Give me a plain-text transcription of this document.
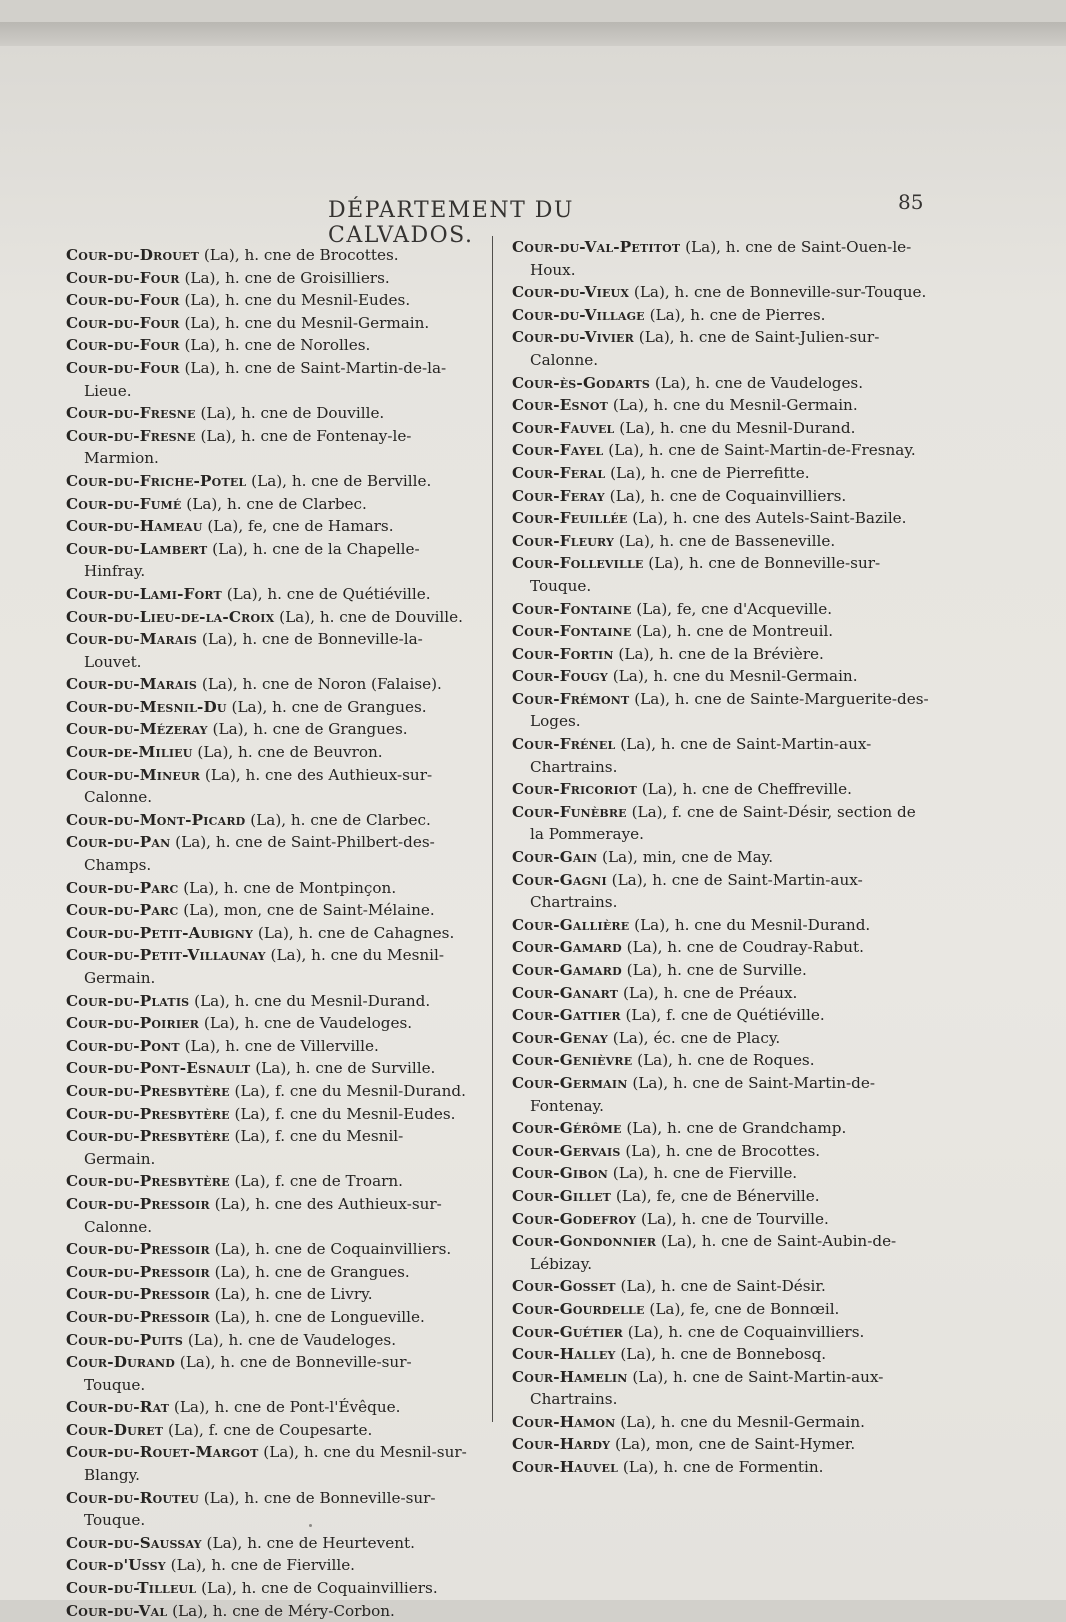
DÉPARTEMENT DU CALVADOS.
85
Cour-du-Drouet (La), h. cne de Brocottes.
Cour-du-Four (La), h. cne de Groisilliers.
Cour-du-Four (La), h. cne du Mesnil-Eudes.
Cour-du-Four (La), h. cne du Mesnil-Germain.
Cour-du-Four (La), h. cne de Norolles.
Cour-du-Four (La), h. cne de Saint-Martin-de-la-Lieue.
Cour-du-Fresne (La), h. cne de Douville.
Cour-du-Fresne (La), h. cne de Fontenay-le-Marmion.
Cour-du-Friche-Potel (La), h. cne de Berville.
Cour-du-Fumé (La), h. cne de Clarbec.
Cour-du-Hameau (La), fe, cne de Hamars.
Cour-du-Lambert (La), h. cne de la Chapelle-Hinfray.
Cour-du-Lami-Fort (La), h. cne de Quétiéville.
Cour-du-Lieu-de-la-Croix (La), h. cne de Douville.
Cour-du-Marais (La), h. cne de Bonneville-la-Louvet.
Cour-du-Marais (La), h. cne de Noron (Falaise).
Cour-du-Mesnil-Du (La), h. cne de Grangues.
Cour-du-Mézeray (La), h. cne de Grangues.
Cour-de-Milieu (La), h. cne de Beuvron.
Cour-du-Mineur (La), h. cne des Authieux-sur-Calonne.
Cour-du-Mont-Picard (La), h. cne de Clarbec.
Cour-du-Pan (La), h. cne de Saint-Philbert-des-Champs.
Cour-du-Parc (La), h. cne de Montpinçon.
Cour-du-Parc (La), mon, cne de Saint-Mélaine.
Cour-du-Petit-Aubigny (La), h. cne de Cahagnes.
Cour-du-Petit-Villaunay (La), h. cne du Mesnil-Germain.
Cour-du-Platis (La), h. cne du Mesnil-Durand.
Cour-du-Poirier (La), h. cne de Vaudeloges.
Cour-du-Pont (La), h. cne de Villerville.
Cour-du-Pont-Esnault (La), h. cne de Surville.
Cour-du-Presbytère (La), f. cne du Mesnil-Durand.
Cour-du-Presbytère (La), f. cne du Mesnil-Eudes.
Cour-du-Presbytère (La), f. cne du Mesnil-Germain.
Cour-du-Presbytère (La), f. cne de Troarn.
Cour-du-Pressoir (La), h. cne des Authieux-sur-Calonne.
Cour-du-Pressoir (La), h. cne de Coquainvilliers.
Cour-du-Pressoir (La), h. cne de Grangues.
Cour-du-Pressoir (La), h. cne de Livry.
Cour-du-Pressoir (La), h. cne de Longueville.
Cour-du-Puits (La), h. cne de Vaudeloges.
Cour-Durand (La), h. cne de Bonneville-sur-Touque.
Cour-du-Rat (La), h. cne de Pont-l'Évêque.
Cour-Duret (La), f. cne de Coupesarte.
Cour-du-Rouet-Margot (La), h. cne du Mesnil-sur-Blangy.
Cour-du-Routeu (La), h. cne de Bonneville-sur-Touque.
Cour-du-Saussay (La), h. cne de Heurtevent.
Cour-d'Ussy (La), h. cne de Fierville.
Cour-du-Tilleul (La), h. cne de Coquainvilliers.
Cour-du-Val (La), h. cne de Méry-Corbon.
Cour-du-Val-Petitot (La), h. cne de Saint-Ouen-le-Houx.
Cour-du-Vieux (La), h. cne de Bonneville-sur-Touque.
Cour-du-Village (La), h. cne de Pierres.
Cour-du-Vivier (La), h. cne de Saint-Julien-sur-Calonne.
Cour-ès-Godarts (La), h. cne de Vaudeloges.
Cour-Esnot (La), h. cne du Mesnil-Germain.
Cour-Fauvel (La), h. cne du Mesnil-Durand.
Cour-Fayel (La), h. cne de Saint-Martin-de-Fresnay.
Cour-Feral (La), h. cne de Pierrefitte.
Cour-Feray (La), h. cne de Coquainvilliers.
Cour-Feuillée (La), h. cne des Autels-Saint-Bazile.
Cour-Fleury (La), h. cne de Basseneville.
Cour-Folleville (La), h. cne de Bonneville-sur-Touque.
Cour-Fontaine (La), fe, cne d'Acqueville.
Cour-Fontaine (La), h. cne de Montreuil.
Cour-Fortin (La), h. cne de la Brévière.
Cour-Fougy (La), h. cne du Mesnil-Germain.
Cour-Frémont (La), h. cne de Sainte-Marguerite-des-Loges.
Cour-Frénel (La), h. cne de Saint-Martin-aux-Chartrains.
Cour-Fricoriot (La), h. cne de Cheffreville.
Cour-Funèbre (La), f. cne de Saint-Désir, section de la Pommeraye.
Cour-Gain (La), min, cne de May.
Cour-Gagni (La), h. cne de Saint-Martin-aux-Chartrains.
Cour-Gallière (La), h. cne du Mesnil-Durand.
Cour-Gamard (La), h. cne de Coudray-Rabut.
Cour-Gamard (La), h. cne de Surville.
Cour-Ganart (La), h. cne de Préaux.
Cour-Gattier (La), f. cne de Quétiéville.
Cour-Genay (La), éc. cne de Placy.
Cour-Genièvre (La), h. cne de Roques.
Cour-Germain (La), h. cne de Saint-Martin-de-Fontenay.
Cour-Gérôme (La), h. cne de Grandchamp.
Cour-Gervais (La), h. cne de Brocottes.
Cour-Gibon (La), h. cne de Fierville.
Cour-Gillet (La), fe, cne de Bénerville.
Cour-Godefroy (La), h. cne de Tourville.
Cour-Gondonnier (La), h. cne de Saint-Aubin-de-Lébizay.
Cour-Gosset (La), h. cne de Saint-Désir.
Cour-Gourdelle (La), fe, cne de Bonnœil.
Cour-Guétier (La), h. cne de Coquainvilliers.
Cour-Halley (La), h. cne de Bonnebosq.
Cour-Hamelin (La), h. cne de Saint-Martin-aux-Chartrains.
Cour-Hamon (La), h. cne du Mesnil-Germain.
Cour-Hardy (La), mon, cne de Saint-Hymer.
Cour-Hauvel (La), h. cne de Formentin.
